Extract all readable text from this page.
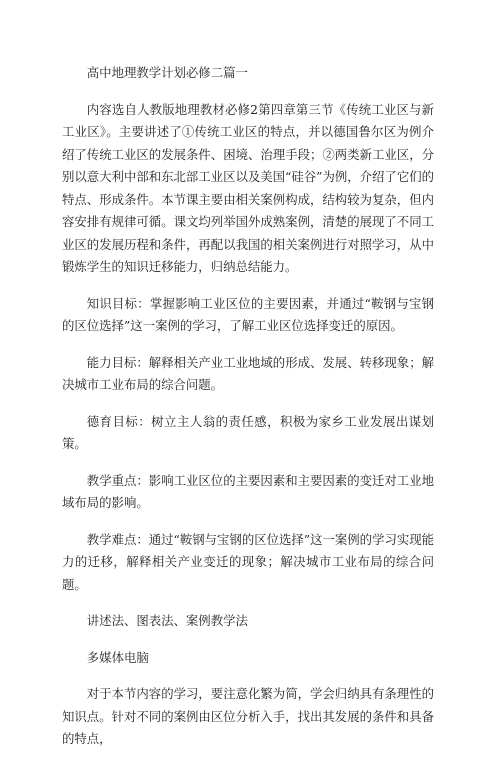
高中地理教学计划必修二篇一

内容选自人教版地理教材必修2第四章第三节《传统工业区与新工业区》。主要讲述了①传统工业区的特点，并以德国鲁尔区为例介绍了传统工业区的发展条件、困境、治理手段；②两类新工业区，分别以意大利中部和东北部工业区以及美国“硅谷”为例，介绍了它们的特点、形成条件。本节课主要由相关案例构成，结构较为复杂，但内容安排有规律可循。课文均列举国外成熟案例，清楚的展现了不同工业区的发展历程和条件，再配以我国的相关案例进行对照学习，从中锻炼学生的知识迁移能力，归纳总结能力。

知识目标：掌握影响工业区位的主要因素，并通过“鞍钢与宝钢的区位选择”这一案例的学习，了解工业区位选择变迁的原因。

能力目标：解释相关产业工业地域的形成、发展、转移现象；解决城市工业布局的综合问题。

德育目标：树立主人翁的责任感，积极为家乡工业发展出谋划策。

教学重点：影响工业区位的主要因素和主要因素的变迁对工业地域布局的影响。

教学难点：通过“鞍钢与宝钢的区位选择”这一案例的学习实现能力的迁移，解释相关产业变迁的现象；解决城市工业布局的综合问题。

讲述法、图表法、案例教学法

多媒体电脑

对于本节内容的学习，要注意化繁为简，学会归纳具有条理性的知识点。针对不同的案例由区位分析入手，找出其发展的条件和具备的特点，
